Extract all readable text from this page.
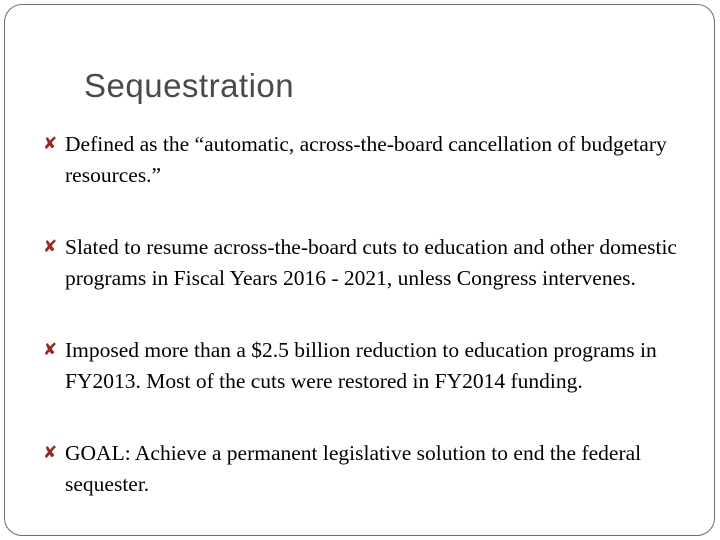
Sequestration
✘ Defined as the “automatic, across-the-board cancellation of budgetary resources.”
✘ Slated to resume across-the-board cuts to education and other domestic programs in Fiscal Years 2016 - 2021, unless Congress intervenes.
✘ Imposed more than a $2.5 billion reduction to education programs in FY2013. Most of the cuts were restored in FY2014 funding.
✘ GOAL: Achieve a permanent legislative solution to end the federal sequester.
